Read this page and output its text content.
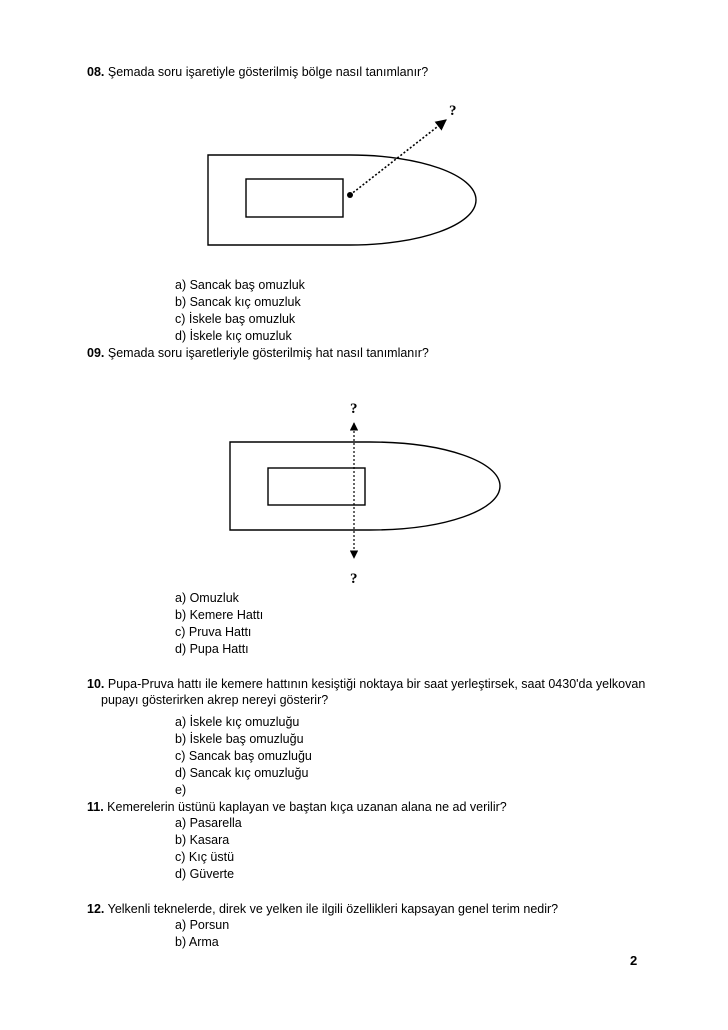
08. Şemada soru işaretiyle gösterilmiş bölge nasıl tanımlanır?
?
a) Sancak baş omuzluk
b) Sancak kıç omuzluk
c) İskele baş omuzluk
d) İskele kıç omuzluk
09. Şemada soru işaretleriyle gösterilmiş hat nasıl tanımlanır?
?
?
a) Omuzluk
b) Kemere Hattı
c) Pruva Hattı
d) Pupa Hattı
10. Pupa-Pruva hattı ile kemere hattının kesiştiği noktaya bir saat yerleştirsek, saat 0430'da yelkovan
pupayı gösterirken akrep nereyi gösterir?
a) İskele kıç omuzluğu
b) İskele baş omuzluğu
c) Sancak baş omuzluğu
d) Sancak kıç omuzluğu
e)
11. Kemerelerin üstünü kaplayan ve baştan kıça uzanan alana ne ad verilir?
a) Pasarella
b) Kasara
c) Kıç üstü
d) Güverte
12. Yelkenli teknelerde, direk ve yelken ile ilgili özellikleri kapsayan genel terim nedir?
a) Porsun
b) Arma
2
